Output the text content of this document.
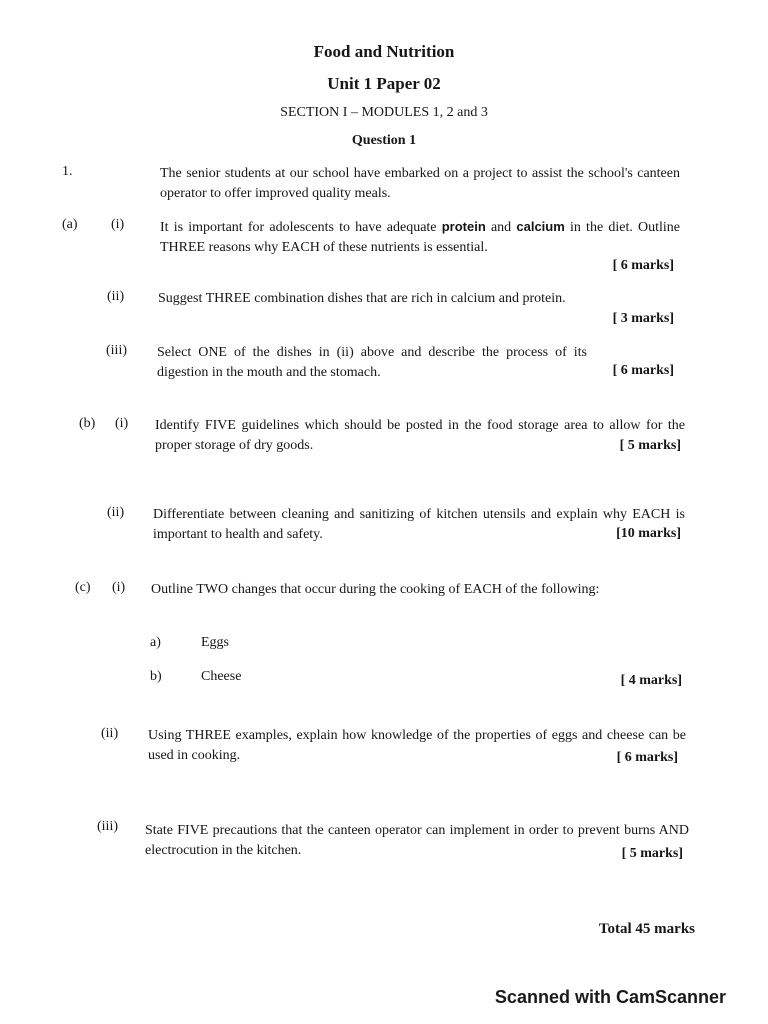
Food and Nutrition
Unit 1 Paper 02
SECTION I – MODULES 1, 2 and 3
Question 1
1.	The senior students at our school have embarked on a project to assist the school's canteen operator to offer improved quality meals.
(a) (i)	It is important for adolescents to have adequate protein and calcium in the diet. Outline THREE reasons why EACH of these nutrients is essential.
[ 6 marks]
(ii) Suggest THREE combination dishes that are rich in calcium and protein.
[ 3 marks]
(iii) Select ONE of the dishes in (ii) above and describe the process of its digestion in the mouth and the stomach.	[ 6 marks]
(b) (i) Identify FIVE guidelines which should be posted in the food storage area to allow for the proper storage of dry goods.	[ 5 marks]
(ii) Differentiate between cleaning and sanitizing of kitchen utensils and explain why EACH is important to health and safety.	[10 marks]
(c) (i) Outline TWO changes that occur during the cooking of EACH of the following:
a)	Eggs
b)	Cheese	[ 4 marks]
(ii) Using THREE examples, explain how knowledge of the properties of eggs and cheese can be used in cooking.	[ 6 marks]
(iii) State FIVE precautions that the canteen operator can implement in order to prevent burns AND electrocution in the kitchen.	[ 5 marks]
Total 45 marks
Scanned with CamScanner
